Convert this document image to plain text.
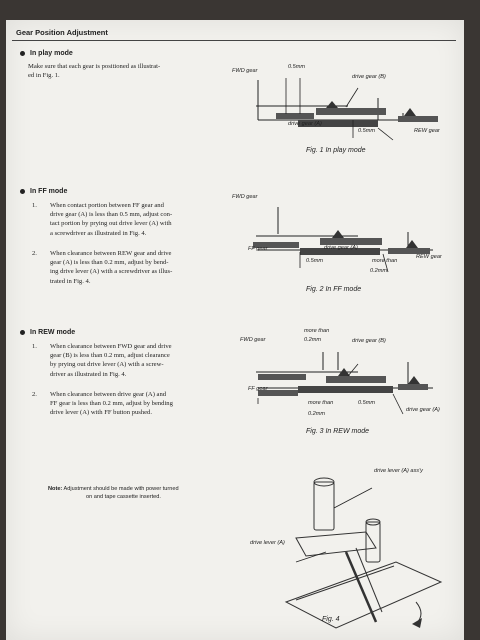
Gear Position Adjustment
In play mode
Make sure that each gear is positioned as illustrat-
ed in Fig. 1.
FWD gear
0.5mm
drive gear (B)
drive gear (A)
0.5mm	REW gear
Fig. 1 In play mode
In FF mode
1. When contact portion between FF gear and
drive gear (A) is less than 0.5 mm, adjust con-
tact portion by prying out drive lever (A) with
a screwdriver as illustrated in Fig. 4.
2. When clearance between REW gear and drive
gear (A) is less than 0.2 mm, adjust by bend-
ing drive lever (A) with a screwdriver as illus-
trated in Fig. 4.
FWD gear
FF gear	drive gear (A)
0.5mm	more than
0.2mm
REW gear
Fig. 2 In FF mode
In REW mode
1. When clearance between FWD gear and drive
gear (B) is less than 0.2 mm, adjust clearance
by prying out drive lever (A) with a screw-
driver as illustrated in Fig. 4.
2. When clearance between drive gear (A) and
FF gear is less than 0.2 mm, adjust by bending
drive lever (A) with FF button pushed.
FWD gear
more than
0.2mm	drive gear (B)
FF gear
more than
0.2mm
0.5mm
drive gear (A)
Fig. 3 In REW mode
Note: Adjustment should be made with power turned
on and tape cassette inserted.
drive lever (A) ass'y
drive lever (A)
Fig. 4
